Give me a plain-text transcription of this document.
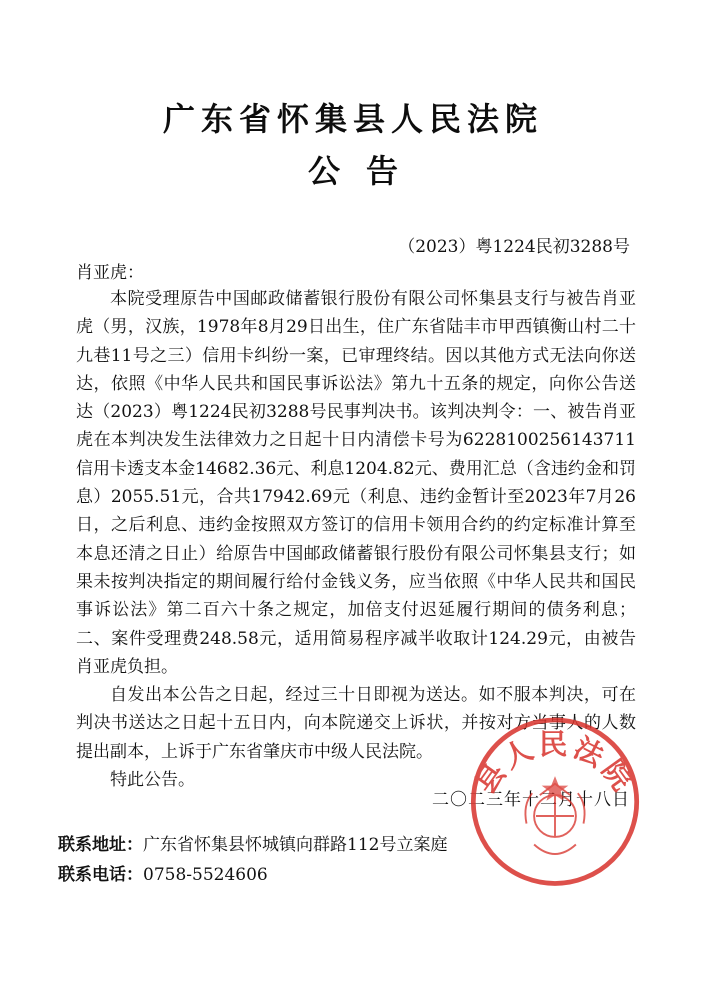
广东省怀集县人民法院
公告
（2023）粤1224民初3288号
肖亚虎：

本院受理原告中国邮政储蓄银行股份有限公司怀集县支行与被告肖亚虎（男，汉族，1978年8月29日出生，住广东省陆丰市甲西镇衡山村二十九巷11号之三）信用卡纠纷一案，已审理终结。因以其他方式无法向你送达，依照《中华人民共和国民事诉讼法》第九十五条的规定，向你公告送达（2023）粤1224民初3288号民事判决书。该判决判令：一、被告肖亚虎在本判决发生法律效力之日起十日内清偿卡号为6228100256143711信用卡透支本金14682.36元、利息1204.82元、费用汇总（含违约金和罚息）2055.51元，合共17942.69元（利息、违约金暂计至2023年7月26日，之后利息、违约金按照双方签订的信用卡领用合约的约定标准计算至本息还清之日止）给原告中国邮政储蓄银行股份有限公司怀集县支行；如果未按判决指定的期间履行给付金钱义务，应当依照《中华人民共和国民事诉讼法》第二百六十条之规定，加倍支付迟延履行期间的债务利息；二、案件受理费248.58元，适用简易程序减半收取计124.29元，由被告肖亚虎负担。

自发出本公告之日起，经过三十日即视为送达。如不服本判决，可在判决书送达之日起十五日内，向本院递交上诉状，并按对方当事人的人数提出副本，上诉于广东省肇庆市中级人民法院。

特此公告。

二〇二三年十二月十八日
联系地址：广东省怀集县怀城镇向群路112号立案庭
联系电话：0758-5524606
县人民法院
